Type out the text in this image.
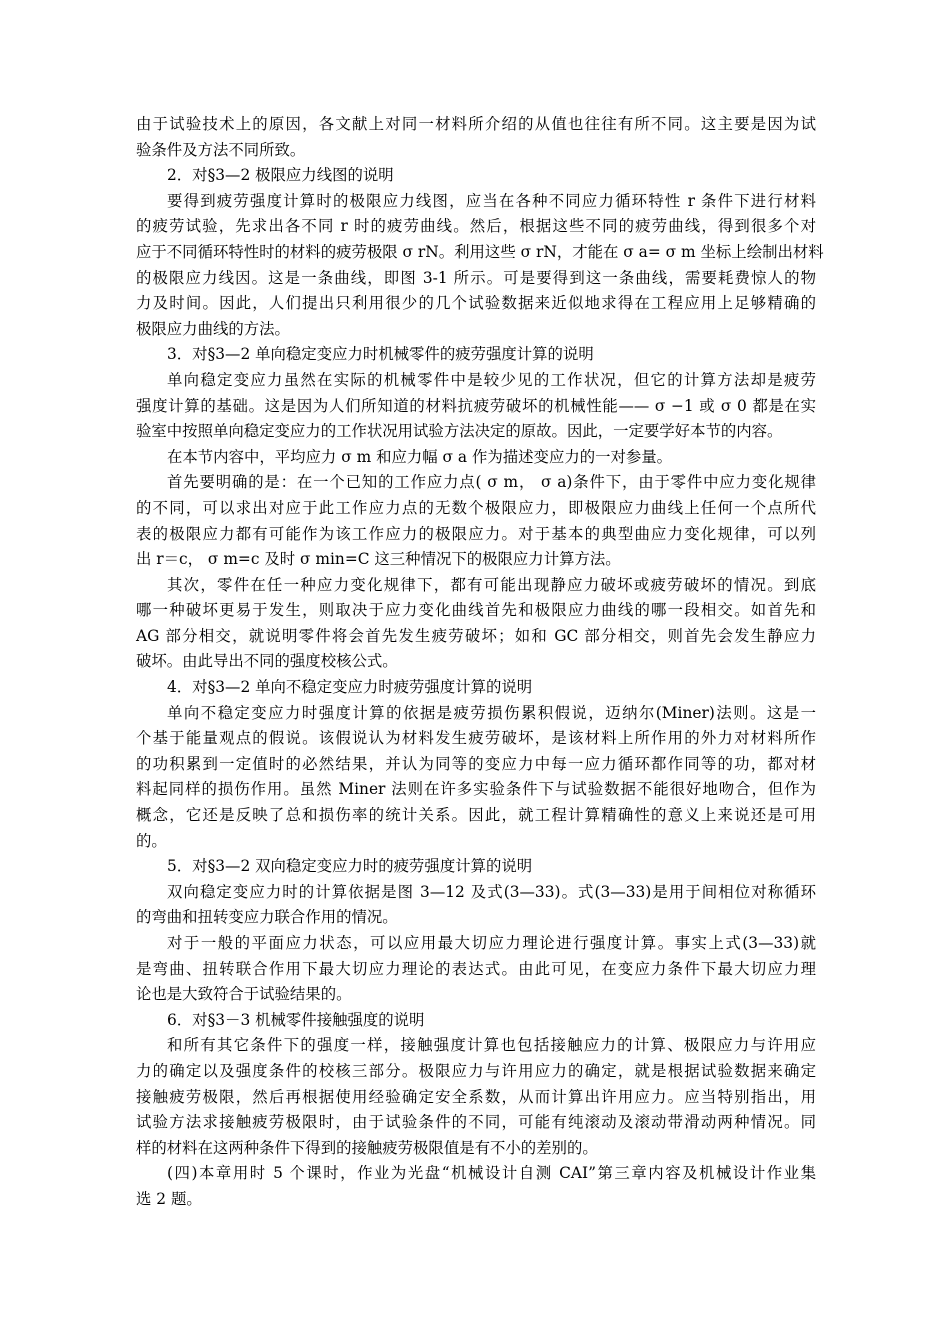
由于试验技术上的原因，各文献上对同一材料所介绍的从值也往往有所不同。这主要是因为试
验条件及方法不同所致。
2．对§3—2 极限应力线图的说明
要得到疲劳强度计算时的极限应力线图，应当在各种不同应力循环特性 r 条件下进行材料
的疲劳试验，先求出各不同 r 时的疲劳曲线。然后，根据这些不同的疲劳曲线，得到很多个对
应于不同循环特性时的材料的疲劳极限 σ rN。利用这些 σ rN，才能在 σ a= σ m 坐标上绘制出材料
的极限应力线因。这是一条曲线，即图 3-1 所示。可是要得到这一条曲线，需要耗费惊人的物
力及时间。因此，人们提出只利用很少的几个试验数据来近似地求得在工程应用上足够精确的
极限应力曲线的方法。
3．对§3—2 单向稳定变应力时机械零件的疲劳强度计算的说明
单向稳定变应力虽然在实际的机械零件中是较少见的工作状况，但它的计算方法却是疲劳
强度计算的基础。这是因为人们所知道的材料抗疲劳破坏的机械性能—— σ −1 或 σ 0 都是在实
验室中按照单向稳定变应力的工作状况用试验方法决定的原故。因此，一定要学好本节的内容。
在本节内容中，平均应力 σ m 和应力幅 σ a 作为描述变应力的一对参量。
首先要明确的是：在一个已知的工作应力点( σ m， σ a)条件下，由于零件中应力变化规律
的不同，可以求出对应于此工作应力点的无数个极限应力，即极限应力曲线上任何一个点所代
表的极限应力都有可能作为该工作应力的极限应力。对于基本的典型曲应力变化规律，可以列
出 r＝c， σ m=c 及时 σ min=C 这三种情况下的极限应力计算方法。
其次，零件在任一种应力变化规律下，都有可能出现静应力破坏或疲劳破坏的情况。到底
哪一种破坏更易于发生，则取决于应力变化曲线首先和极限应力曲线的哪一段相交。如首先和
AG 部分相交，就说明零件将会首先发生疲劳破坏；如和 GC 部分相交，则首先会发生静应力
破坏。由此导出不同的强度校核公式。
4．对§3—2 单向不稳定变应力时疲劳强度计算的说明
单向不稳定变应力时强度计算的依据是疲劳损伤累积假说，迈纳尔(Miner)法则。这是一
个基于能量观点的假说。该假说认为材料发生疲劳破坏，是该材料上所作用的外力对材料所作
的功积累到一定值时的必然结果，并认为同等的变应力中每一应力循环都作同等的功，都对材
料起同样的损伤作用。虽然 Miner 法则在许多实验条件下与试验数据不能很好地吻合，但作为
概念，它还是反映了总和损伤率的统计关系。因此，就工程计算精确性的意义上来说还是可用
的。
5．对§3—2 双向稳定变应力时的疲劳强度计算的说明
双向稳定变应力时的计算依据是图 3—12 及式(3—33)。式(3—33)是用于间相位对称循环
的弯曲和扭转变应力联合作用的情况。
对于一般的平面应力状态，可以应用最大切应力理论进行强度计算。事实上式(3—33)就
是弯曲、扭转联合作用下最大切应力理论的表达式。由此可见，在变应力条件下最大切应力理
论也是大致符合于试验结果的。
6．对§3－3 机械零件接触强度的说明
和所有其它条件下的强度一样，接触强度计算也包括接触应力的计算、极限应力与许用应
力的确定以及强度条件的校核三部分。极限应力与许用应力的确定，就是根据试验数据来确定
接触疲劳极限，然后再根据使用经验确定安全系数，从而计算出许用应力。应当特别指出，用
试验方法求接触疲劳极限时，由于试验条件的不同，可能有纯滚动及滚动带滑动两种情况。同
样的材料在这两种条件下得到的接触疲劳极限值是有不小的差别的。
(四)本章用时 5 个课时，作业为光盘“机械设计自测 CAI”第三章内容及机械设计作业集
选 2 题。
